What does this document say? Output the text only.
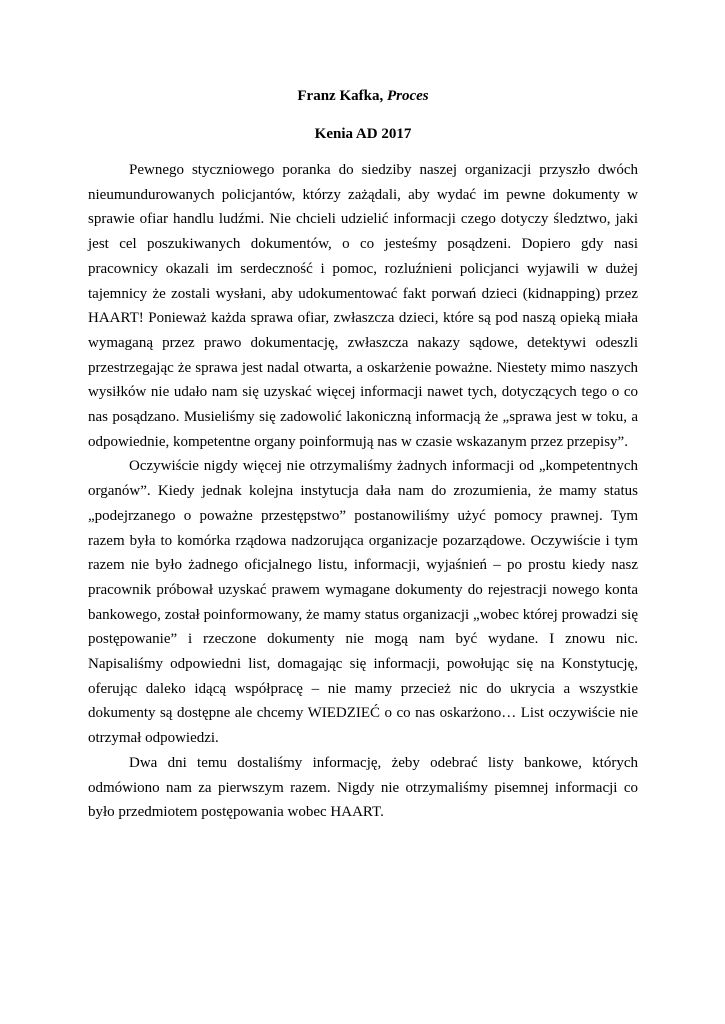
Franz Kafka, Proces

Kenia AD 2017

Pewnego styczniowego poranka do siedziby naszej organizacji przyszło dwóch nieumundurowanych policjantów, którzy zażądali, aby wydać im pewne dokumenty w sprawie ofiar handlu ludźmi. Nie chcieli udzielić informacji czego dotyczy śledztwo, jaki jest cel poszukiwanych dokumentów, o co jesteśmy posądzeni. Dopiero gdy nasi pracownicy okazali im serdeczność i pomoc, rozluźnieni policjanci wyjawili w dużej tajemnicy że zostali wysłani, aby udokumentować fakt porwań dzieci (kidnapping) przez HAART! Ponieważ każda sprawa ofiar, zwłaszcza dzieci, które są pod naszą opieką miała wymaganą przez prawo dokumentację, zwłaszcza nakazy sądowe, detektywi odeszli przestrzegając że sprawa jest nadal otwarta, a oskarżenie poważne. Niestety mimo naszych wysiłków nie udało nam się uzyskać więcej informacji nawet tych, dotyczących tego o co nas posądzano. Musieliśmy się zadowolić lakoniczną informacją że „sprawa jest w toku, a odpowiednie, kompetentne organy poinformują nas w czasie wskazanym przez przepisy”.

Oczywiście nigdy więcej nie otrzymaliśmy żadnych informacji od „kompetentnych organów”. Kiedy jednak kolejna instytucja dała nam do zrozumienia, że mamy status „podejrzanego o poważne przestępstwo” postanowiliśmy użyć pomocy prawnej. Tym razem była to komórka rządowa nadzorująca organizacje pozarządowe. Oczywiście i tym razem nie było żadnego oficjalnego listu, informacji, wyjaśnień – po prostu kiedy nasz pracownik próbował uzyskać prawem wymagane dokumenty do rejestracji nowego konta bankowego, został poinformowany, że mamy status organizacji „wobec której prowadzi się postępowanie” i rzeczone dokumenty nie mogą nam być wydane. I znowu nic. Napisaliśmy odpowiedni list, domagając się informacji, powołując się na Konstytucję, oferując daleko idącą współpracę – nie mamy przecież nic do ukrycia a wszystkie dokumenty są dostępne ale chcemy WIEDZIEĆ o co nas oskarżono… List oczywiście nie otrzymał odpowiedzi.

Dwa dni temu dostaliśmy informację, żeby odebrać listy bankowe, których odmówiono nam za pierwszym razem. Nigdy nie otrzymaliśmy pisemnej informacji co było przedmiotem postępowania wobec HAART.
